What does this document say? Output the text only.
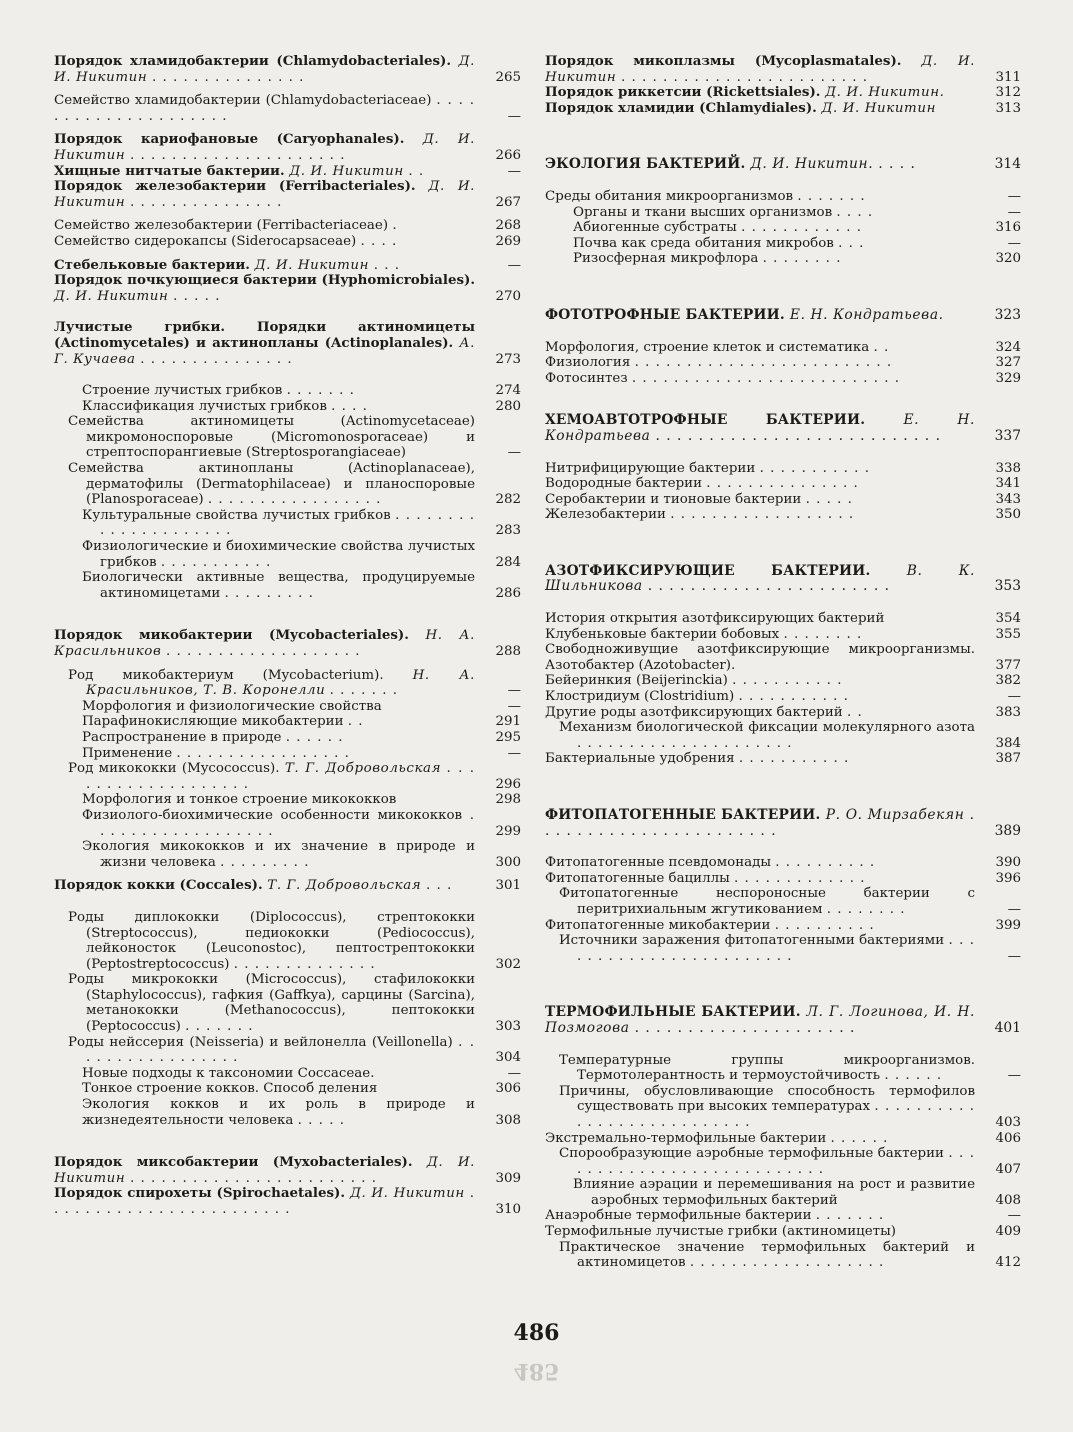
Порядок хламидобактерии (Chlamydobacteriales). Д. И. Никитин . . . . . . . . . . . . . . .	265
Семейство хламидобактерии (Chlamydobacteriaceae) . . . . . . . . . . . . . . . . . . . . .	—
Порядок кариофановые (Caryophanales). Д. И. Никитин . . . . . . . . . . . . . . . . . . . . .	266
Хищные нитчатые бактерии. Д. И. Никитин . .	—
Порядок железобактерии (Ferribacteriales). Д. И. Никитин . . . . . . . . . . . . . . .	267
Семейство железобактерии (Ferribacteriaceae) .	268
Семейство сидерокапсы (Siderocapsaceae) . . . .	269
Стебельковые бактерии. Д. И. Никитин . . .	—
Порядок почкующиеся бактерии (Hyphomicrobiales). Д. И. Никитин . . . . .	270
Лучистые грибки. Порядки актиномицеты (Actinomycetales) и актинопланы (Actinoplanales). А. Г. Кучаева . . . . . . . . . . . . . . .	273
Строение лучистых грибков . . . . . . .	274
Классификация лучистых грибков . . . .	280
Семейства актиномицеты (Actinomycetaceae) микромоноспоровые (Micromonosporaceae) и стрептоспорангиевые (Streptosporangiaceae)	—
Семейства актинопланы (Actinoplanaceae), дерматофилы (Dermatophilaceae) и планоспоровые (Planosporaceae) . . . . . . . . . . . . . . . . .	282
Культуральные свойства лучистых грибков . . . . . . . . . . . . . . . . . . . . .	283
Физиологические и биохимические свойства лучистых грибков . . . . . . . . . . .	284
Биологически активные вещества, продуцируемые актиномицетами . . . . . . . . .	286
Порядок микобактерии (Mycobacteriales). Н. А. Красильников . . . . . . . . . . . . . . . . . . .	288
Род микобактериум (Mycobacterium). Н. А. Красильников, Т. В. Коронелли . . . . . . .	—
Морфология и физиологические свойства	—
Парафинокисляющие микобактерии . .	291
Распространение в природе . . . . . .	295
Применение . . . . . . . . . . . . . . . . .	—
Род микококки (Mycococcus). Т. Г. Добровольская . . . . . . . . . . . . . . . . . . .	296
Морфология и тонкое строение микококков	298
Физиолого-биохимические особенности микококков . . . . . . . . . . . . . . . . . .	299
Экология микококков и их значение в природе и жизни человека . . . . . . . . .	300
Порядок кокки (Coccales). Т. Г. Добровольская . . .	301
Роды диплококки (Diplococcus), стрептококки (Streptococcus), педиококки (Pediococcus), лейконосток (Leuconostoc), пептострептококки (Peptostreptococcus) . . . . . . . . . . . . . .	302
Роды микрококки (Micrococcus), стафилококки (Staphylococcus), гафкия (Gaffkya), сарцины (Sarcina), метанококки (Methanococcus), пептококки (Peptococcus) . . . . . . .	303
Роды нейссерия (Neisseria) и вейлонелла (Veillonella) . . . . . . . . . . . . . . . . .	304
Новые подходы к таксономии Coccaceae.	—
Тонкое строение кокков. Способ деления	306
Экология кокков и их роль в природе и жизнедеятельности человека . . . . .	308
Порядок миксобактерии (Myxobacteriales). Д. И. Никитин . . . . . . . . . . . . . . . . . . . . . . . .	309
Порядок спирохеты (Spirochaetales). Д. И. Никитин . . . . . . . . . . . . . . . . . . . . . . . .	310
Порядок микоплазмы (Mycoplasmatales). Д. И. Никитин . . . . . . . . . . . . . . . . . . . . . . . .	311
Порядок риккетсии (Rickettsiales). Д. И. Никитин.	312
Порядок хламидии (Chlamydiales). Д. И. Никитин	313
ЭКОЛОГИЯ БАКТЕРИЙ. Д. И. Никитин. . . . .	314
Среды обитания микроорганизмов . . . . . . .	—
Органы и ткани высших организмов . . . .	—
Абиогенные субстраты . . . . . . . . . . . .	316
Почва как среда обитания микробов . . .	—
Ризосферная микрофлора . . . . . . . .	320
ФОТОТРОФНЫЕ БАКТЕРИИ. Е. Н. Кондратьева.	323
Морфология, строение клеток и систематика . .	324
Физиология . . . . . . . . . . . . . . . . . . . . . . . . .	327
Фотосинтез . . . . . . . . . . . . . . . . . . . . . . . . . .	329
ХЕМОАВТОТРОФНЫЕ БАКТЕРИИ.	Е. Н. Кондратьева . . . . . . . . . . . . . . . . . . . . . . . . . . .	337
Нитрифицирующие бактерии . . . . . . . . . . .	338
Водородные бактерии . . . . . . . . . . . . . . .	341
Серобактерии и тионовые бактерии . . . . .	343
Железобактерии . . . . . . . . . . . . . . . . . .	350
АЗОТФИКСИРУЮЩИЕ БАКТЕРИИ.	В. К. Шильникова . . . . . . . . . . . . . . . . . . . . . . .	353
История открытия азотфиксирующих бактерий	354
Клубеньковые бактерии бобовых . . . . . . . .	355
Свободноживущие азотфиксирующие микроорганизмы. Азотобактер (Azotobacter).	377
Бейеринкия (Beijerinckia) . . . . . . . . . . .	382
Клостридиум (Clostridium) . . . . . . . . . . .	—
Другие роды азотфиксирующих бактерий . .	383
Механизм биологической фиксации молекулярного азота . . . . . . . . . . . . . . . . . . . . .	384
Бактериальные удобрения . . . . . . . . . . .	387
ФИТОПАТОГЕННЫЕ БАКТЕРИИ. Р. О. Мирзабекян . . . . . . . . . . . . . . . . . . . . . . .	389
Фитопатогенные псевдомонады . . . . . . . . . .	390
Фитопатогенные бациллы . . . . . . . . . . . . .	396
Фитопатогенные неспороносные бактерии с перитрихиальным жгутикованием . . . . . . . .	—
Фитопатогенные микобактерии . . . . . . . . . .	399
Источники заражения фитопатогенными бактериями . . . . . . . . . . . . . . . . . . . . . . . .	—
ТЕРМОФИЛЬНЫЕ БАКТЕРИИ. Л. Г. Логинова, И. Н. Позмогова . . . . . . . . . . . . . . . . . . . . .	401
Температурные группы микроорганизмов. Термотолерантность и термоустойчивость . . . . . .	—
Причины, обусловливающие способность термофилов существовать при высоких температурах . . . . . . . . . . . . . . . . . . . . . . . . . . .	403
Экстремально-термофильные бактерии . . . . . .	406
Спорообразующие аэробные термофильные бактерии . . . . . . . . . . . . . . . . . . . . . . . . . . .	407
Влияние аэрации и перемешивания на рост и развитие аэробных термофильных бактерий	408
Анаэробные термофильные бактерии . . . . . . .	—
Термофильные лучистые грибки (актиномицеты)	409
Практическое значение термофильных бактерий и актиномицетов . . . . . . . . . . . . . . . . . . .	412
486
485
